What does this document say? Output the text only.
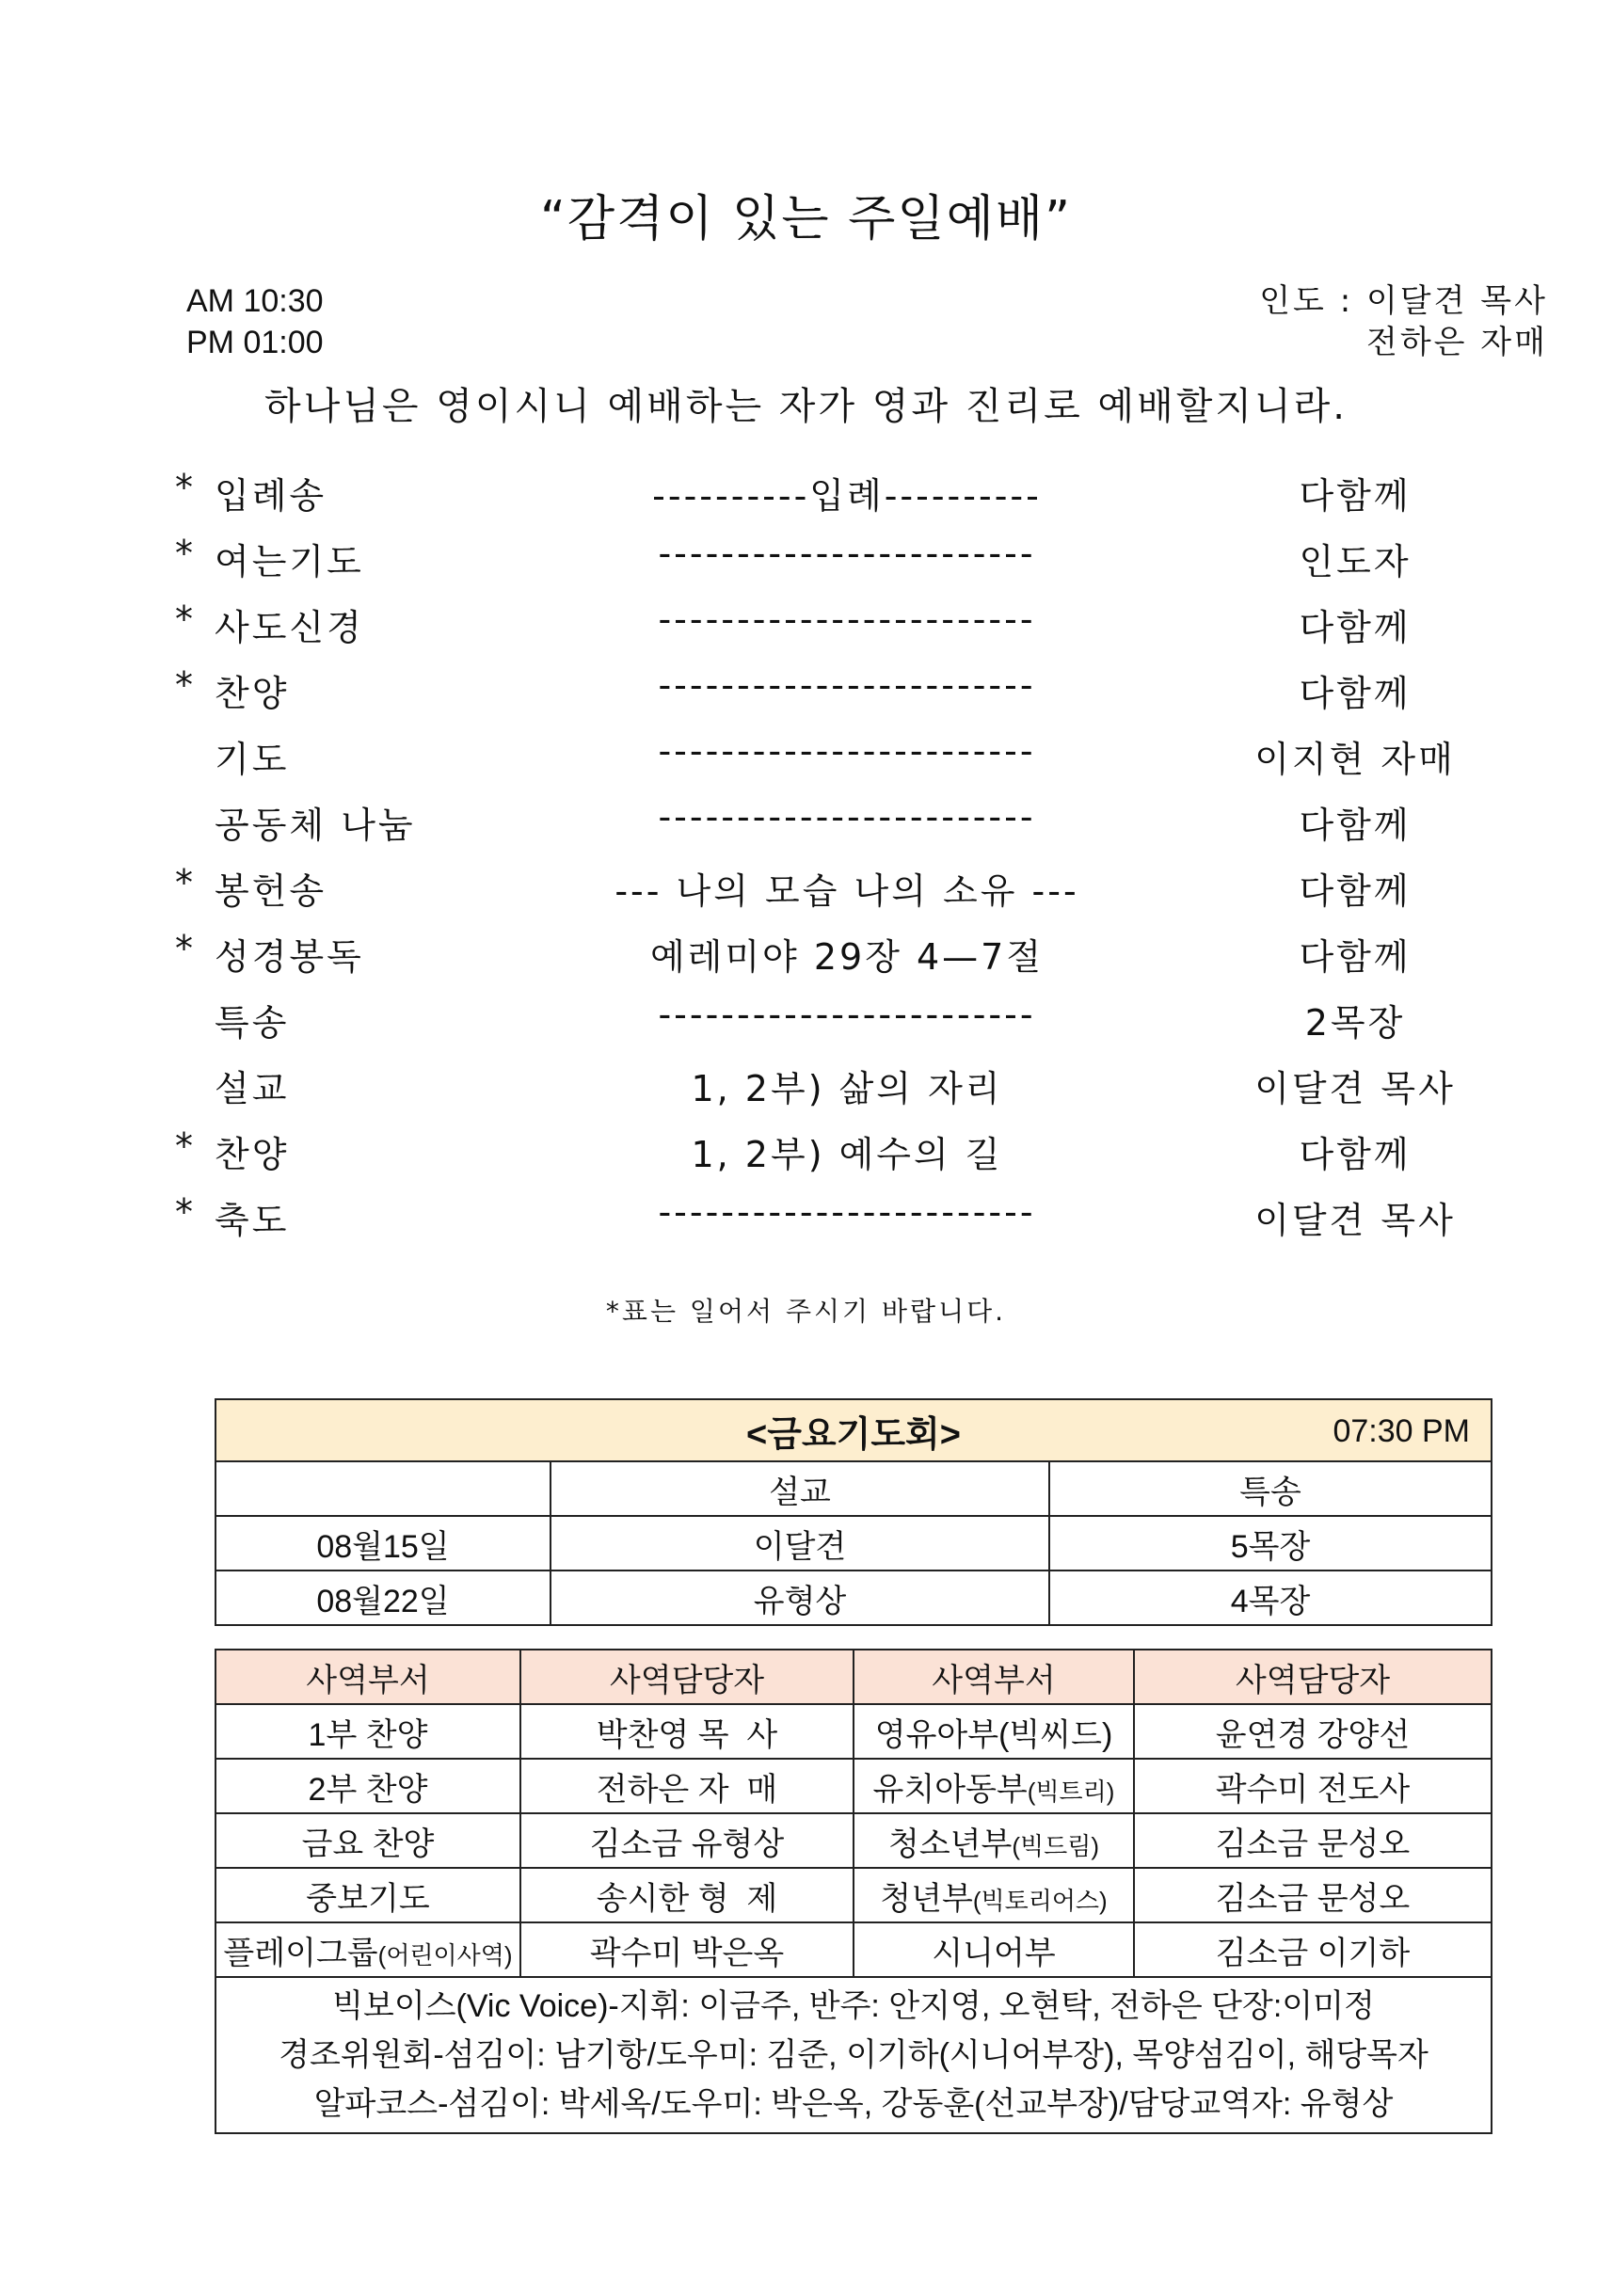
“감격이 있는 주일예배”
AM 10:30
PM 01:00
인도 : 이달견 목사
전하은 자매
하나님은 영이시니 예배하는 자가 영과 진리로 예배할지니라.
* 입례송	----------입례----------	다함께
* 여는기도	------------------------	인도자
* 사도신경	------------------------	다함께
* 찬양	------------------------	다함께
기도	------------------------	이지현 자매
공동체 나눔	------------------------	다함께
* 봉헌송	--- 나의 모습 나의 소유 ---	다함께
* 성경봉독	예레미야 29장 4—7절	다함께
특송	------------------------	2목장
설교	1, 2부) 삶의 자리	이달견 목사
* 찬양	1, 2부) 예수의 길	다함께
* 축도	------------------------	이달견 목사
*표는 일어서 주시기 바랍니다.
<금요기도회> 07:30 PM		

	설교	특송
08월15일	이달견	5목장
08월22일	유형상	4목장
사역부서	사역담당자	사역부서	사역담당자
1부 찬양	박찬영 목  사	영유아부(빅씨드)	윤연경 강양선
2부 찬양	전하은 자  매	유치아동부(빅트리)	곽수미 전도사
금요 찬양	김소금 유형상	청소년부(빅드림)	김소금 문성오
중보기도	송시한 형  제	청년부(빅토리어스)	김소금 문성오
플레이그룹(어린이사역)	곽수미 박은옥	시니어부	김소금 이기하

빅보이스(Vic Voice)-지휘: 이금주, 반주: 안지영, 오현탁, 전하은 단장:이미정
경조위원회-섬김이: 남기항/도우미: 김준, 이기하(시니어부장), 목양섬김이, 해당목자
알파코스-섬김이: 박세옥/도우미: 박은옥, 강동훈(선교부장)/담당교역자: 유형상			
